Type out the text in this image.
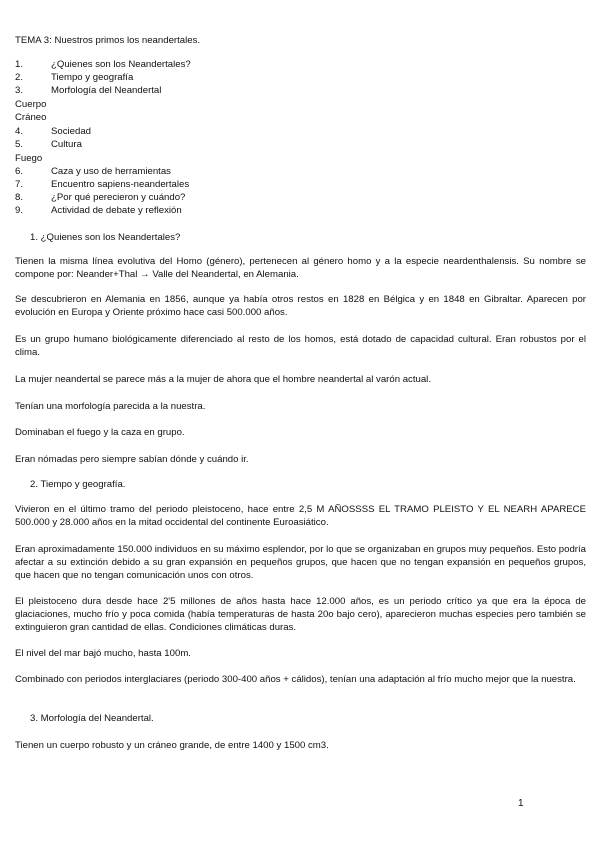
TEMA 3: Nuestros primos los neandertales.
1.	¿Quienes son los Neandertales?
2.	Tiempo y geografía
3.	Morfología del Neandertal
Cuerpo
Cráneo
4.	Sociedad
5.	Cultura
Fuego
6.	Caza y uso de herramientas
7.	Encuentro sapiens-neandertales
8.	¿Por qué perecieron y cuándo?
9.	Actividad de debate y reflexión
1. ¿Quienes son los Neandertales?
Tienen la misma línea evolutiva del Homo (género), pertenecen al género homo y a la especie neardenthalensis. Su nombre se compone por: Neander+Thal → Valle del Neandertal, en Alemania.
Se descubrieron en Alemania en 1856, aunque ya había otros restos en 1828 en Bélgica y en 1848 en Gibraltar. Aparecen por evolución en Europa y Oriente próximo hace casi 500.000 años.
Es un grupo humano biológicamente diferenciado al resto de los homos, está dotado de capacidad cultural. Eran robustos por el clima.
La mujer neandertal se parece más a la mujer de ahora que el hombre neandertal al varón actual.
Tenían una morfología parecida a la nuestra.
Dominaban el fuego y la caza en grupo.
Eran nómadas pero siempre sabían dónde y cuándo ir.
2. Tiempo y geografía.
Vivieron en el último tramo del periodo pleistoceno, hace entre 2,5 M AÑOSSSS EL TRAMO PLEISTO Y EL NEARH APARECE 500.000 y 28.000 años en la mitad occidental del continente Euroasiático.
Eran aproximadamente 150.000 individuos en su máximo esplendor, por lo que se organizaban en grupos muy pequeños. Esto podría afectar a su extinción debido a su gran expansión en pequeños grupos, que hacen que no tengan expansión en pequeños grupos, que hacen que no tengan comunicación unos con otros.
El pleistoceno dura desde hace 2'5 millones de años hasta hace 12.000 años, es un periodo crítico ya que era la época de glaciaciones, mucho frío y poca comida (había temperaturas de hasta 20o bajo cero), aparecieron muchas especies pero también se extinguieron gran cantidad de ellas. Condiciones climáticas duras.
El nivel del mar bajó mucho, hasta 100m.
Combinado con periodos interglaciares (periodo 300-400 años + cálidos), tenían una adaptación al frío mucho mejor que la nuestra.
3. Morfología del Neandertal.
Tienen un cuerpo robusto y un cráneo grande, de entre 1400 y 1500 cm3.
1
